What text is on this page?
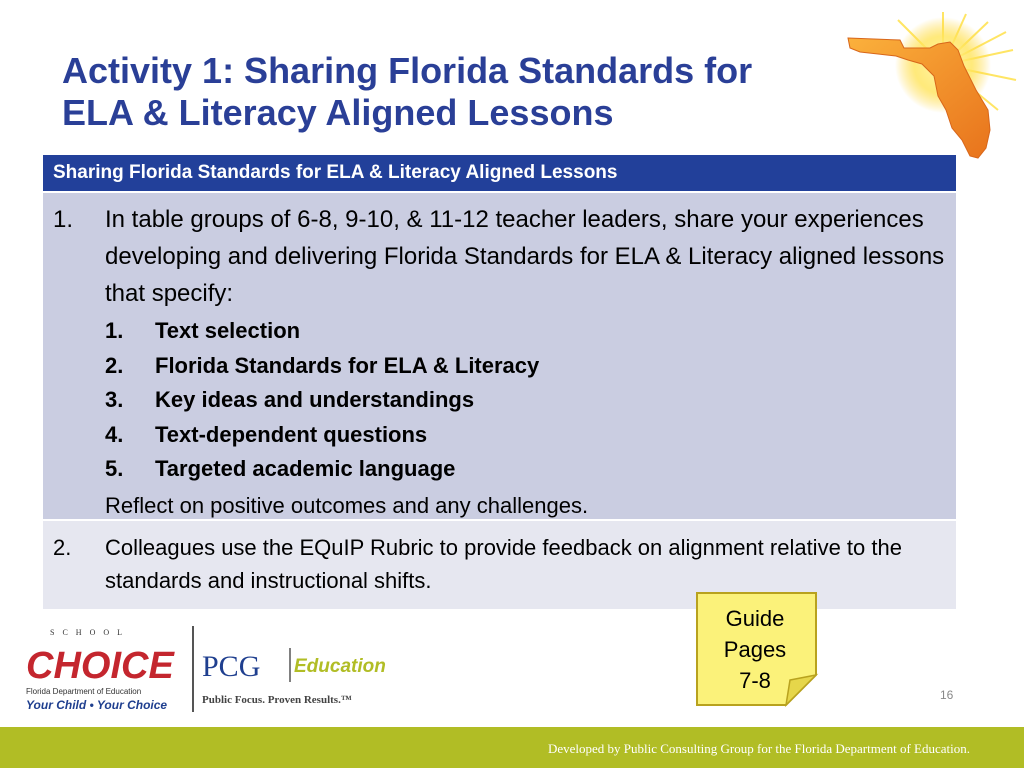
Activity 1: Sharing Florida Standards for
ELA & Literacy Aligned Lessons
Sharing Florida Standards for ELA & Literacy Aligned Lessons
1.	In table groups of 6-8, 9-10, & 11-12 teacher leaders, share your experiences developing and delivering Florida Standards for ELA & Literacy aligned lessons that specify:
1.	Text selection
2.	Florida Standards for ELA & Literacy
3.	Key ideas and understandings
4.	Text-dependent questions
5.	Targeted academic language
Reflect on positive outcomes and any challenges.
2.	Colleagues use the EQuIP Rubric to provide feedback on alignment relative to the standards and instructional shifts.
Guide
Pages
7-8
S C H O O L
CHOICE
Florida Department of Education
Your Child • Your Choice
PCG Education
Public Focus. Proven Results.™	16
Developed by Public Consulting Group for the Florida Department of Education.
